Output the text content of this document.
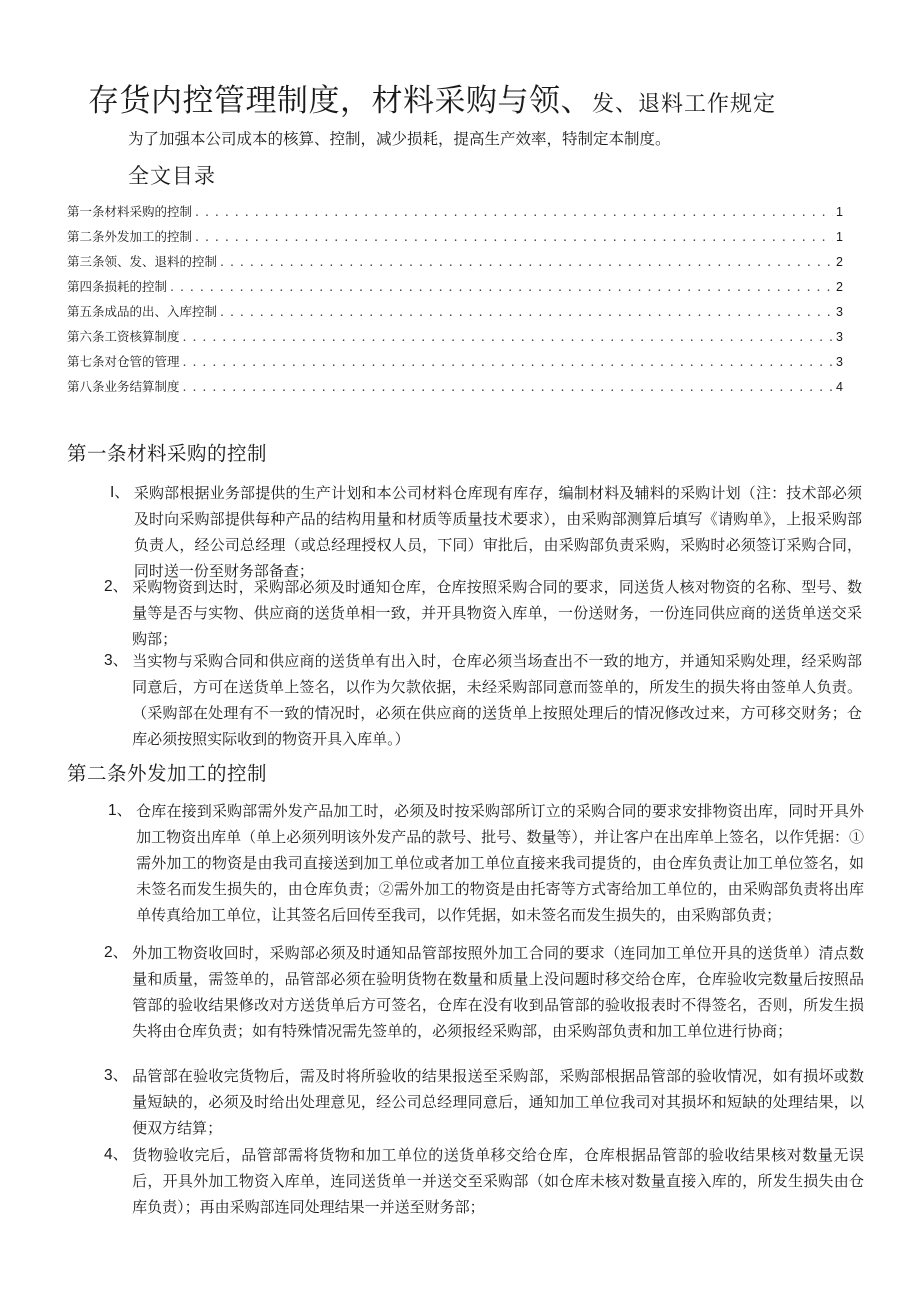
存货内控管理制度，材料采购与领、发、退料工作规定
为了加强本公司成本的核算、控制，减少损耗，提高生产效率，特制定本制度。
全文目录
第一条材料采购的控制 . . .	1
第二条外发加工的控制 . . .	1
第三条领、发、退料的控制 . . .	2
第四条损耗的控制 . . .	2
第五条成品的出、入库控制 . . .	3
第六条工资核算制度 . . .	3
第七条对仓管的管理 . . .	3
第八条业务结算制度 . . .	4
第一条材料采购的控制
I、 采购部根据业务部提供的生产计划和本公司材料仓库现有库存，编制材料及辅料的采购计划（注：技术部必须及时向采购部提供每种产品的结构用量和材质等质量技术要求），由采购部测算后填写《请购单》，上报采购部负责人，经公司总经理（或总经理授权人员，下同）审批后，由采购部负责采购，采购时必须签订采购合同，同时送一份至财务部备查；
2、 采购物资到达时，采购部必须及时通知仓库，仓库按照采购合同的要求，同送货人核对物资的名称、型号、数量等是否与实物、供应商的送货单相一致，并开具物资入库单，一份送财务，一份连同供应商的送货单送交采购部；
3、 当实物与采购合同和供应商的送货单有出入时，仓库必须当场查出不一致的地方，并通知采购处理，经采购部同意后，方可在送货单上签名，以作为欠款依据，未经采购部同意而签单的，所发生的损失将由签单人负责。（采购部在处理有不一致的情况时，必须在供应商的送货单上按照处理后的情况修改过来，方可移交财务；仓库必须按照实际收到的物资开具入库单。）
第二条外发加工的控制
1、 仓库在接到采购部需外发产品加工时，必须及时按采购部所订立的采购合同的要求安排物资出库，同时开具外加工物资出库单（单上必须列明该外发产品的款号、批号、数量等），并让客户在出库单上签名，以作凭据：①需外加工的物资是由我司直接送到加工单位或者加工单位直接来我司提货的，由仓库负责让加工单位签名，如未签名而发生损失的，由仓库负责；②需外加工的物资是由托寄等方式寄给加工单位的，由采购部负责将出库单传真给加工单位，让其签名后回传至我司，以作凭据，如未签名而发生损失的，由采购部负责；
2、 外加工物资收回时，采购部必须及时通知品管部按照外加工合同的要求（连同加工单位开具的送货单）清点数量和质量，需签单的，品管部必须在验明货物在数量和质量上没问题时移交给仓库，仓库验收完数量后按照品管部的验收结果修改对方送货单后方可签名，仓库在没有收到品管部的验收报表时不得签名，否则，所发生损失将由仓库负责；如有特殊情况需先签单的，必须报经采购部，由采购部负责和加工单位进行协商；
3、 品管部在验收完货物后，需及时将所验收的结果报送至采购部，采购部根据品管部的验收情况，如有损坏或数量短缺的，必须及时给出处理意见，经公司总经理同意后，通知加工单位我司对其损坏和短缺的处理结果，以便双方结算；
4、 货物验收完后，品管部需将货物和加工单位的送货单移交给仓库，仓库根据品管部的验收结果核对数量无误后，开具外加工物资入库单，连同送货单一并送交至采购部（如仓库未核对数量直接入库的，所发生损失由仓库负责）；再由采购部连同处理结果一并送至财务部；
